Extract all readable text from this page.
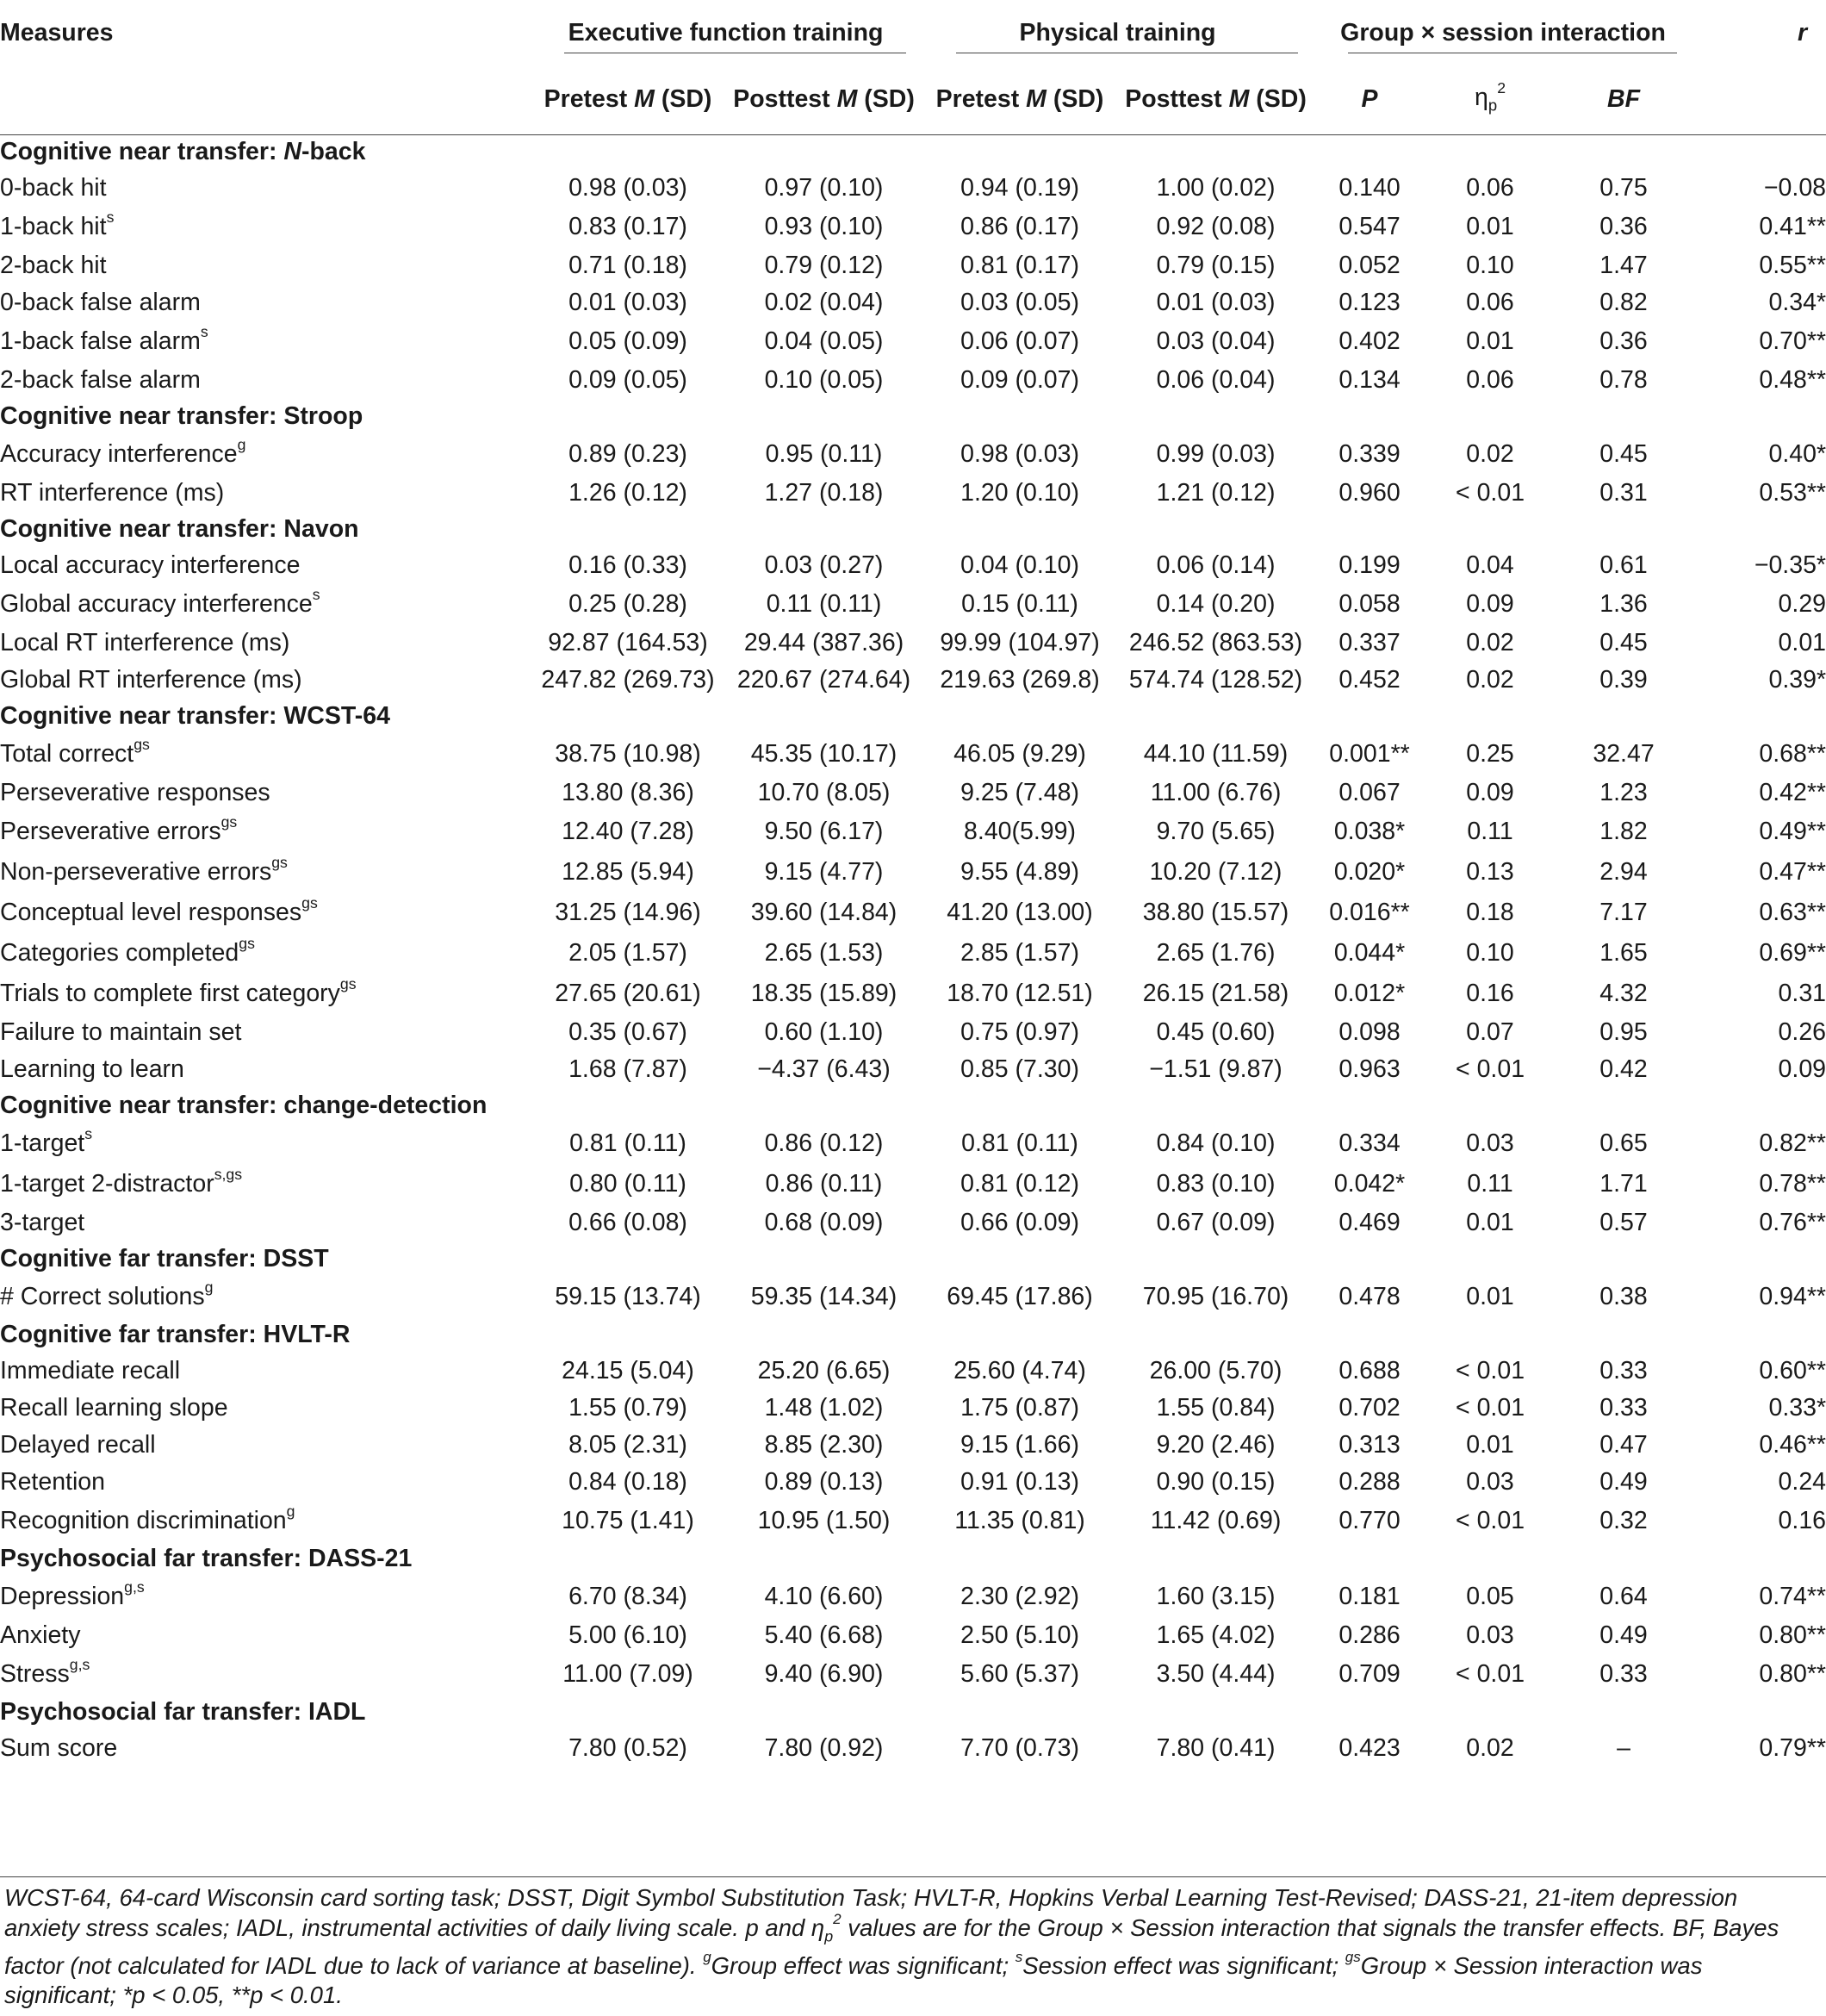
Measures	Executive function training		Physical training		Group × session interaction			r
	Pretest M (SD)	Posttest M (SD)	Pretest M (SD)	Posttest M (SD)	P	$\eta_p^2$	BF	
Cognitive near transfer: N-back								
0-back hit	0.98 (0.03)	0.97 (0.10)	0.94 (0.19)	1.00 (0.02)	0.140	0.06	0.75	−0.08
1-back hit$^s$	0.83 (0.17)	0.93 (0.10)	0.86 (0.17)	0.92 (0.08)	0.547	0.01	0.36	0.41**
2-back hit	0.71 (0.18)	0.79 (0.12)	0.81 (0.17)	0.79 (0.15)	0.052	0.10	1.47	0.55**
0-back false alarm	0.01 (0.03)	0.02 (0.04)	0.03 (0.05)	0.01 (0.03)	0.123	0.06	0.82	0.34*
1-back false alarm$^s$	0.05 (0.09)	0.04 (0.05)	0.06 (0.07)	0.03 (0.04)	0.402	0.01	0.36	0.70**
2-back false alarm	0.09 (0.05)	0.10 (0.05)	0.09 (0.07)	0.06 (0.04)	0.134	0.06	0.78	0.48**
Cognitive near transfer: Stroop								
Accuracy interference$^g$	0.89 (0.23)	0.95 (0.11)	0.98 (0.03)	0.99 (0.03)	0.339	0.02	0.45	0.40*
RT interference (ms)	1.26 (0.12)	1.27 (0.18)	1.20 (0.10)	1.21 (0.12)	0.960	< 0.01	0.31	0.53**
Cognitive near transfer: Navon								
Local accuracy interference	0.16 (0.33)	0.03 (0.27)	0.04 (0.10)	0.06 (0.14)	0.199	0.04	0.61	−0.35*
Global accuracy interference$^s$	0.25 (0.28)	0.11 (0.11)	0.15 (0.11)	0.14 (0.20)	0.058	0.09	1.36	0.29
Local RT interference (ms)	92.87 (164.53)	29.44 (387.36)	99.99 (104.97)	246.52 (863.53)	0.337	0.02	0.45	0.01
Global RT interference (ms)	247.82 (269.73)	220.67 (274.64)	219.63 (269.8)	574.74 (128.52)	0.452	0.02	0.39	0.39*
Cognitive near transfer: WCST-64								
Total correct$^{gs}$	38.75 (10.98)	45.35 (10.17)	46.05 (9.29)	44.10 (11.59)	0.001**	0.25	32.47	0.68**
Perseverative responses	13.80 (8.36)	10.70 (8.05)	9.25 (7.48)	11.00 (6.76)	0.067	0.09	1.23	0.42**
Perseverative errors$^{gs}$	12.40 (7.28)	9.50 (6.17)	8.40(5.99)	9.70 (5.65)	0.038*	0.11	1.82	0.49**
Non-perseverative errors$^{gs}$	12.85 (5.94)	9.15 (4.77)	9.55 (4.89)	10.20 (7.12)	0.020*	0.13	2.94	0.47**
Conceptual level responses$^{gs}$	31.25 (14.96)	39.60 (14.84)	41.20 (13.00)	38.80 (15.57)	0.016**	0.18	7.17	0.63**
Categories completed$^{gs}$	2.05 (1.57)	2.65 (1.53)	2.85 (1.57)	2.65 (1.76)	0.044*	0.10	1.65	0.69**
Trials to complete first category$^{gs}$	27.65 (20.61)	18.35 (15.89)	18.70 (12.51)	26.15 (21.58)	0.012*	0.16	4.32	0.31
Failure to maintain set	0.35 (0.67)	0.60 (1.10)	0.75 (0.97)	0.45 (0.60)	0.098	0.07	0.95	0.26
Learning to learn	1.68 (7.87)	−4.37 (6.43)	0.85 (7.30)	−1.51 (9.87)	0.963	< 0.01	0.42	0.09
Cognitive near transfer: change-detection								
1-target$^s$	0.81 (0.11)	0.86 (0.12)	0.81 (0.11)	0.84 (0.10)	0.334	0.03	0.65	0.82**
1-target 2-distractor$^{s,gs}$	0.80 (0.11)	0.86 (0.11)	0.81 (0.12)	0.83 (0.10)	0.042*	0.11	1.71	0.78**
3-target	0.66 (0.08)	0.68 (0.09)	0.66 (0.09)	0.67 (0.09)	0.469	0.01	0.57	0.76**
Cognitive far transfer: DSST								
# Correct solutions$^g$	59.15 (13.74)	59.35 (14.34)	69.45 (17.86)	70.95 (16.70)	0.478	0.01	0.38	0.94**
Cognitive far transfer: HVLT-R								
Immediate recall	24.15 (5.04)	25.20 (6.65)	25.60 (4.74)	26.00 (5.70)	0.688	< 0.01	0.33	0.60**
Recall learning slope	1.55 (0.79)	1.48 (1.02)	1.75 (0.87)	1.55 (0.84)	0.702	< 0.01	0.33	0.33*
Delayed recall	8.05 (2.31)	8.85 (2.30)	9.15 (1.66)	9.20 (2.46)	0.313	0.01	0.47	0.46**
Retention	0.84 (0.18)	0.89 (0.13)	0.91 (0.13)	0.90 (0.15)	0.288	0.03	0.49	0.24
Recognition discrimination$^g$	10.75 (1.41)	10.95 (1.50)	11.35 (0.81)	11.42 (0.69)	0.770	< 0.01	0.32	0.16
Psychosocial far transfer: DASS-21								
Depression$^{g,s}$	6.70 (8.34)	4.10 (6.60)	2.30 (2.92)	1.60 (3.15)	0.181	0.05	0.64	0.74**
Anxiety	5.00 (6.10)	5.40 (6.68)	2.50 (5.10)	1.65 (4.02)	0.286	0.03	0.49	0.80**
Stress$^{g,s}$	11.00 (7.09)	9.40 (6.90)	5.60 (5.37)	3.50 (4.44)	0.709	< 0.01	0.33	0.80**
Psychosocial far transfer: IADL								
Sum score	7.80 (0.52)	7.80 (0.92)	7.70 (0.73)	7.80 (0.41)	0.423	0.02	–	0.79**
WCST-64, 64-card Wisconsin card sorting task; DSST, Digit Symbol Substitution Task; HVLT-R, Hopkins Verbal Learning Test-Revised; DASS-21, 21-item depression
anxiety stress scales; IADL, instrumental activities of daily living scale. p and $\eta_p^2$ values are for the Group × Session interaction that signals the transfer effects. BF, Bayes
factor (not calculated for IADL due to lack of variance at baseline). $^g$Group effect was significant; $^s$Session effect was significant; $^{gs}$Group × Session interaction was
significant; *p < 0.05, **p < 0.01.
